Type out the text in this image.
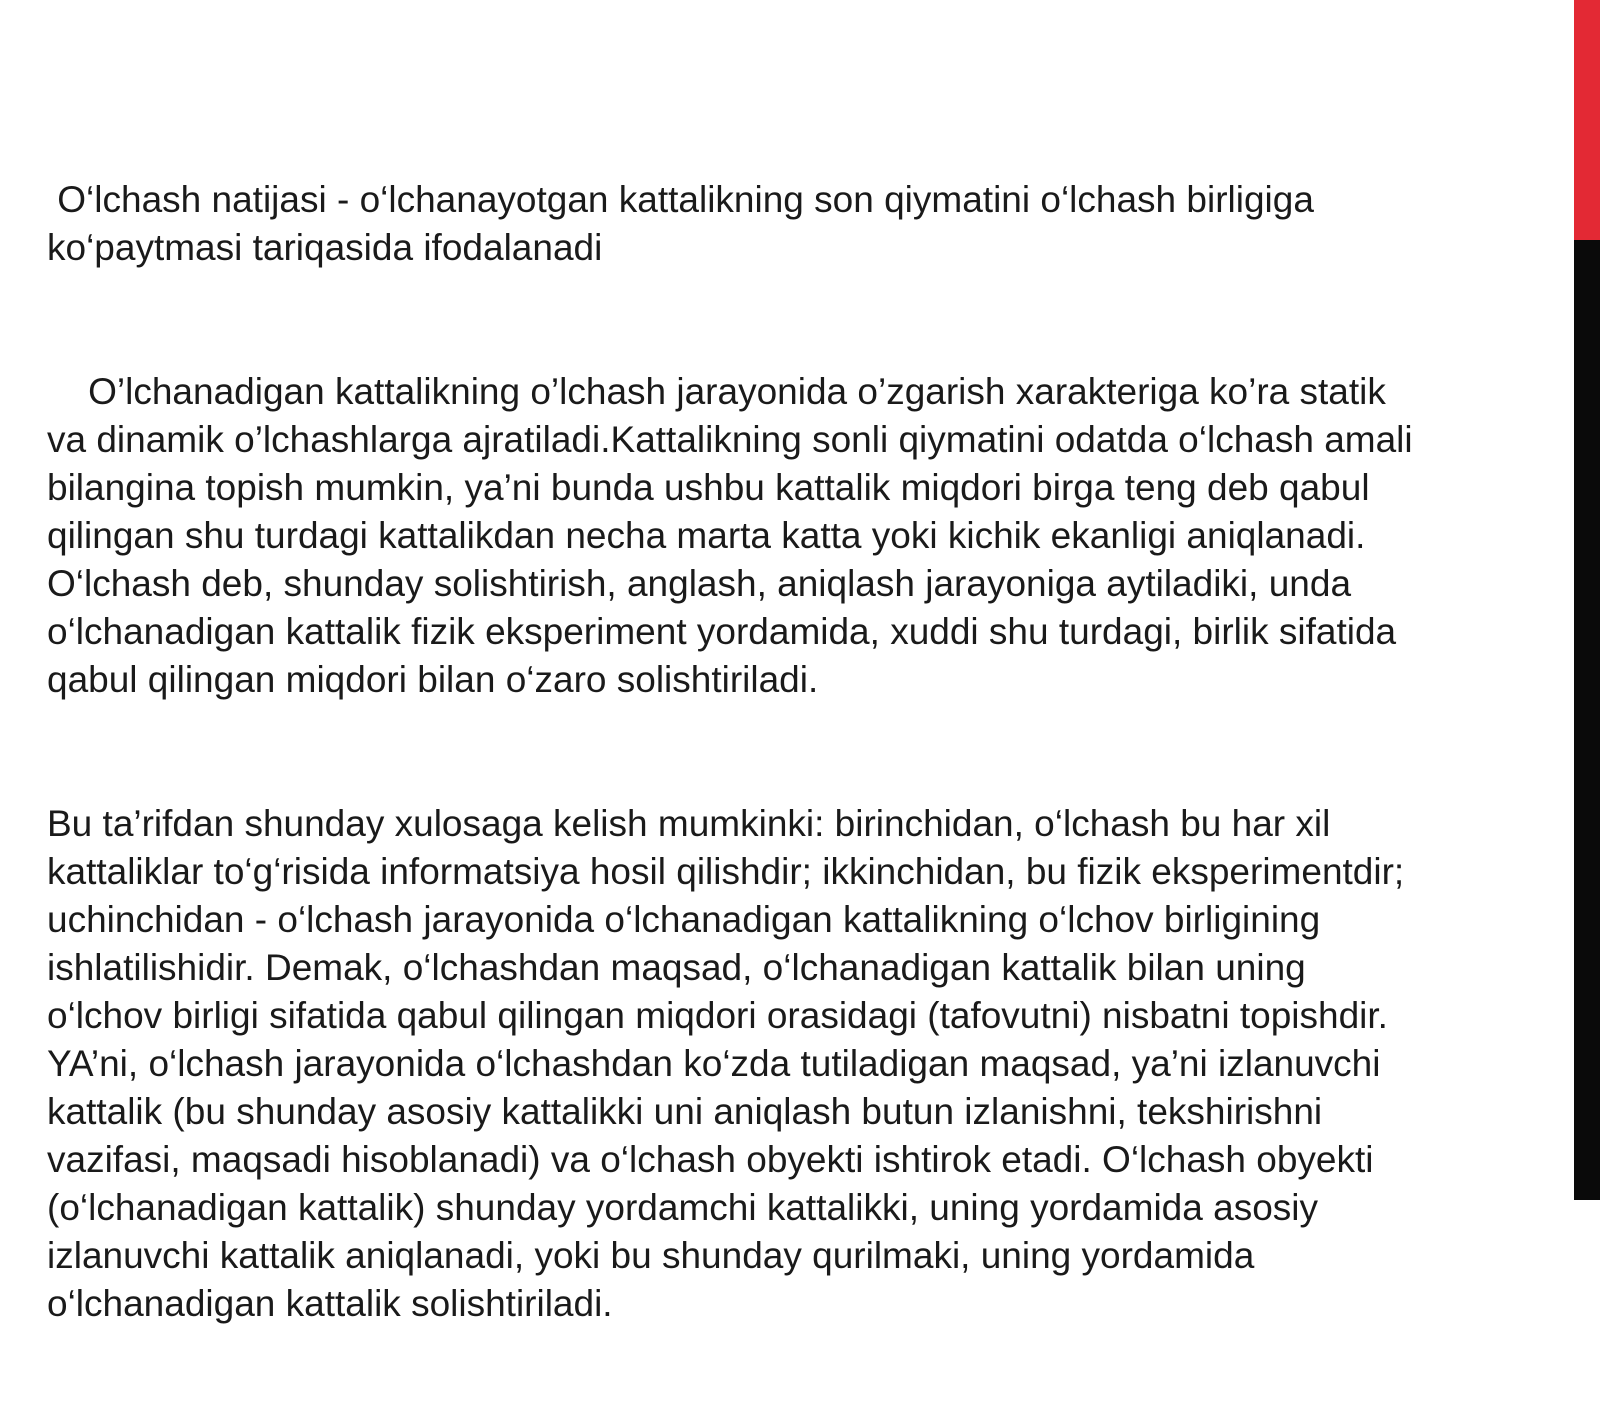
O‘lchash natijasi - o‘lchanayotgan kattalikning son qiymatini o‘lchash birligiga
ko‘paytmasi tariqasida ifodalanadi

O’lchanadigan kattalikning o’lchash jarayonida o’zgarish xarakteriga ko’ra statik
va dinamik o’lchashlarga ajratiladi.Kattalikning sonli qiymatini odatda o‘lchash amali
bilangina topish mumkin, ya’ni bunda ushbu kattalik miqdori birga teng deb qabul
qilingan shu turdagi kattalikdan necha marta katta yoki kichik ekanligi aniqlanadi.
O‘lchash deb, shunday solishtirish, anglash, aniqlash jarayoniga aytiladiki, unda
o‘lchanadigan kattalik fizik eksperiment yordamida, xuddi shu turdagi, birlik sifatida
qabul qilingan miqdori bilan o‘zaro solishtiriladi.

Bu ta’rifdan shunday xulosaga kelish mumkinki: birinchidan, o‘lchash bu har xil
kattaliklar to‘g‘risida informatsiya hosil qilishdir; ikkinchidan, bu fizik eksperimentdir;
uchinchidan - o‘lchash jarayonida o‘lchanadigan kattalikning o‘lchov birligining
ishlatilishidir. Demak, o‘lchashdan maqsad, o‘lchanadigan kattalik bilan uning
o‘lchov birligi sifatida qabul qilingan miqdori orasidagi (tafovutni) nisbatni topishdir.
YA’ni, o‘lchash jarayonida o‘lchashdan ko‘zda tutiladigan maqsad, ya’ni izlanuvchi
kattalik (bu shunday asosiy kattalikki uni aniqlash butun izlanishni, tekshirishni
vazifasi, maqsadi hisoblanadi) va o‘lchash obyekti ishtirok etadi. O‘lchash obyekti
(o‘lchanadigan kattalik) shunday yordamchi kattalikki, uning yordamida asosiy
izlanuvchi kattalik aniqlanadi, yoki bu shunday qurilmaki, uning yordamida
o‘lchanadigan kattalik solishtiriladi.
